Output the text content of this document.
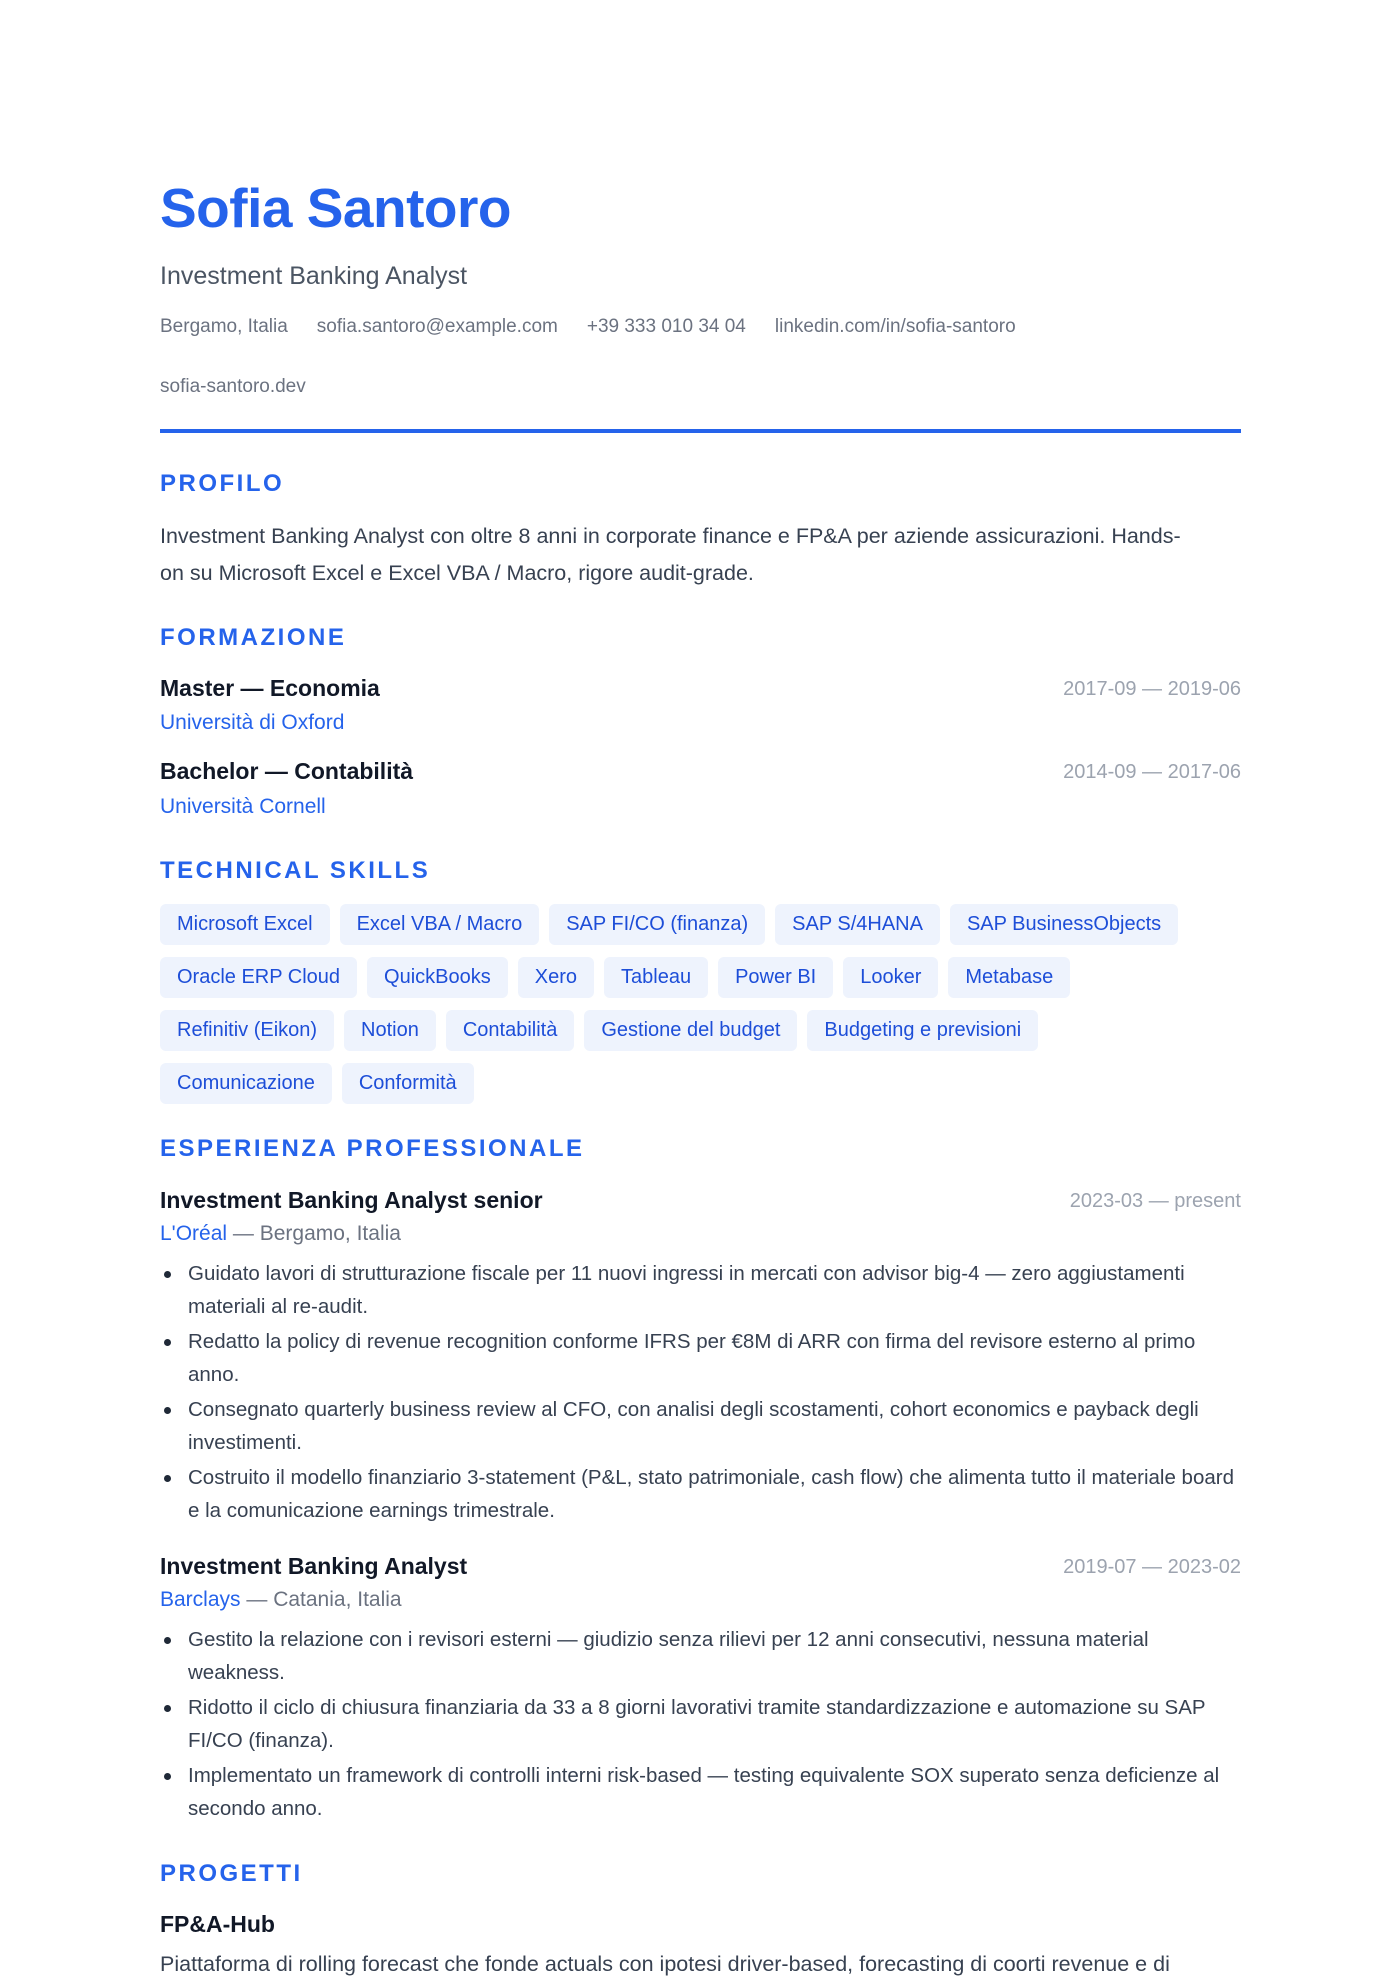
Sofia Santoro
Investment Banking Analyst
Bergamo, Italia sofia.santoro@example.com +39 333 010 34 04 linkedin.com/in/sofia-santoro
sofia-santoro.dev
PROFILO
Investment Banking Analyst con oltre 8 anni in corporate finance e FP&A per aziende assicurazioni. Hands-
on su Microsoft Excel e Excel VBA / Macro, rigore audit-grade.
FORMAZIONE
Master — Economia	2017-09 — 2019-06
Università di Oxford
Bachelor — Contabilità	2014-09 — 2017-06
Università Cornell
TECHNICAL SKILLS
Microsoft Excel	Excel VBA / Macro	SAP FI/CO (finanza)	SAP S/4HANA	SAP BusinessObjects
Oracle ERP Cloud	QuickBooks	Xero	Tableau	Power BI	Looker	Metabase
Refinitiv (Eikon)	Notion	Contabilità	Gestione del budget	Budgeting e previsioni
Comunicazione	Conformità
ESPERIENZA PROFESSIONALE
Investment Banking Analyst senior	2023-03 — present
L'Oréal — Bergamo, Italia
Guidato lavori di strutturazione fiscale per 11 nuovi ingressi in mercati con advisor big-4 — zero aggiustamenti materiali al re-audit.
Redatto la policy di revenue recognition conforme IFRS per €8M di ARR con firma del revisore esterno al primo anno.
Consegnato quarterly business review al CFO, con analisi degli scostamenti, cohort economics e payback degli investimenti.
Costruito il modello finanziario 3-statement (P&L, stato patrimoniale, cash flow) che alimenta tutto il materiale board e la comunicazione earnings trimestrale.
Investment Banking Analyst	2019-07 — 2023-02
Barclays — Catania, Italia
Gestito la relazione con i revisori esterni — giudizio senza rilievi per 12 anni consecutivi, nessuna material weakness.
Ridotto il ciclo di chiusura finanziaria da 33 a 8 giorni lavorativi tramite standardizzazione e automazione su SAP FI/CO (finanza).
Implementato un framework di controlli interni risk-based — testing equivalente SOX superato senza deficienze al secondo anno.
PROGETTI
FP&A-Hub
Piattaforma di rolling forecast che fonde actuals con ipotesi driver-based, forecasting di coorti revenue e di
